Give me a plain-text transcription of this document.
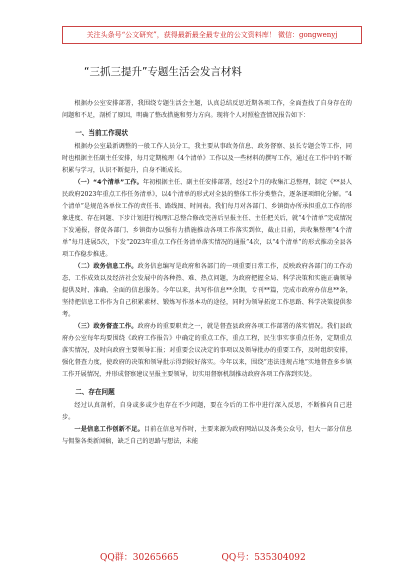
关注头条号“公文研究”，获得最新最全最专业的公文资料库！ 微信：gongwenyj
“三抓三提升”专题生活会发言材料

根据办公室安排部署，我围绕专题生活会主题，认真总结反思近期各项工作，全面查找了自身存在的问题和不足，剖析了原因，明确了整改措施和努力方向。现将个人对照检查情况报告如下：

一、当前工作现状

根据办公室最新调整的一般工作人员分工，我主要从事政务信息、政务督察、县长专题会等工作，同时也根据主任副主任安排，每月定期梳理《4个清单》工作以及一些材料的撰写工作，通过在工作中的不断积累与学习，认识不断提升，自身不断成长。

（一）“4个清单”工作。年初根据主任、副主任安排部署，经过2个月的收集汇总整理，制定《**县人民政府2023年重点工作任务清单》，以4个清单的形式对全县的整体工作分类整合，逐条逐项细化分解。“4个清单”是规范各单位工作的责任书、路线图、时间表。我们每月对各部门、乡镇街办所承担重点工作的形象进度、存在问题、下步计划进行梳理汇总整合修改完善后呈报主任、主任把关后，就“4个清单”完成情况下发通报，督促各部门、乡镇街办以强有力措施推动各项工作落实到位，截止目前，共收集整理“4个清单”每月进展5次，下发“2023年重点工作任务清单落实情况的通报”4次，以“4个清单”的形式推动全县各项工作稳步推进。

（二）政务信息工作。政务信息编写是政府和各部门的一项重要日常工作，反映政府各部门的工作动态、工作成效以及经济社会发展中的各种热、难、热点问题，为政府把握全局、科学决策和实施正确领导提供及时、准确、全面的信息服务。今年以来，共写作信息**余期，专刊**篇，完成市政府办信息**条，坚持把信息工作作为自己积累素材、锻炼写作基本功的途径，同时为领导拓宽工作思路、科学决策提供参考。

（三）政务督查工作。政府办的重要职责之一，就是督查县政府各项工作部署的落实情况。我们县政府办公室每年均要围绕《政府工作报告》中确定的重点工作，重点工程，民生事实事重点任务，定期重点落实情况，及时向政府主要领导汇报；对重要会议决定的事项以及领导批办的重要工作，及时组织安排，强化督查力度，使政府的决策和领导批示得到较好落实。今年以来，围绕“违法违规占地”实地督查多乡镇工作开展情况，并形成督察建议呈报主要领导，切实用督察机制推动政府各项工作落到实处。

二、存在问题

经过认真剖析，自身或多或少也存在不少问题，要在今后的工作中进行深入反思，不断推向自己进步。

一是信息工作创新不足。目前在信息写作时，主要来源为政府网站以及各类公众号，但大一部分信息与佣鉴各类新闻稿，缺乏自己的思路与想法，未能

QQ群：30265665	QQ号：535304092
